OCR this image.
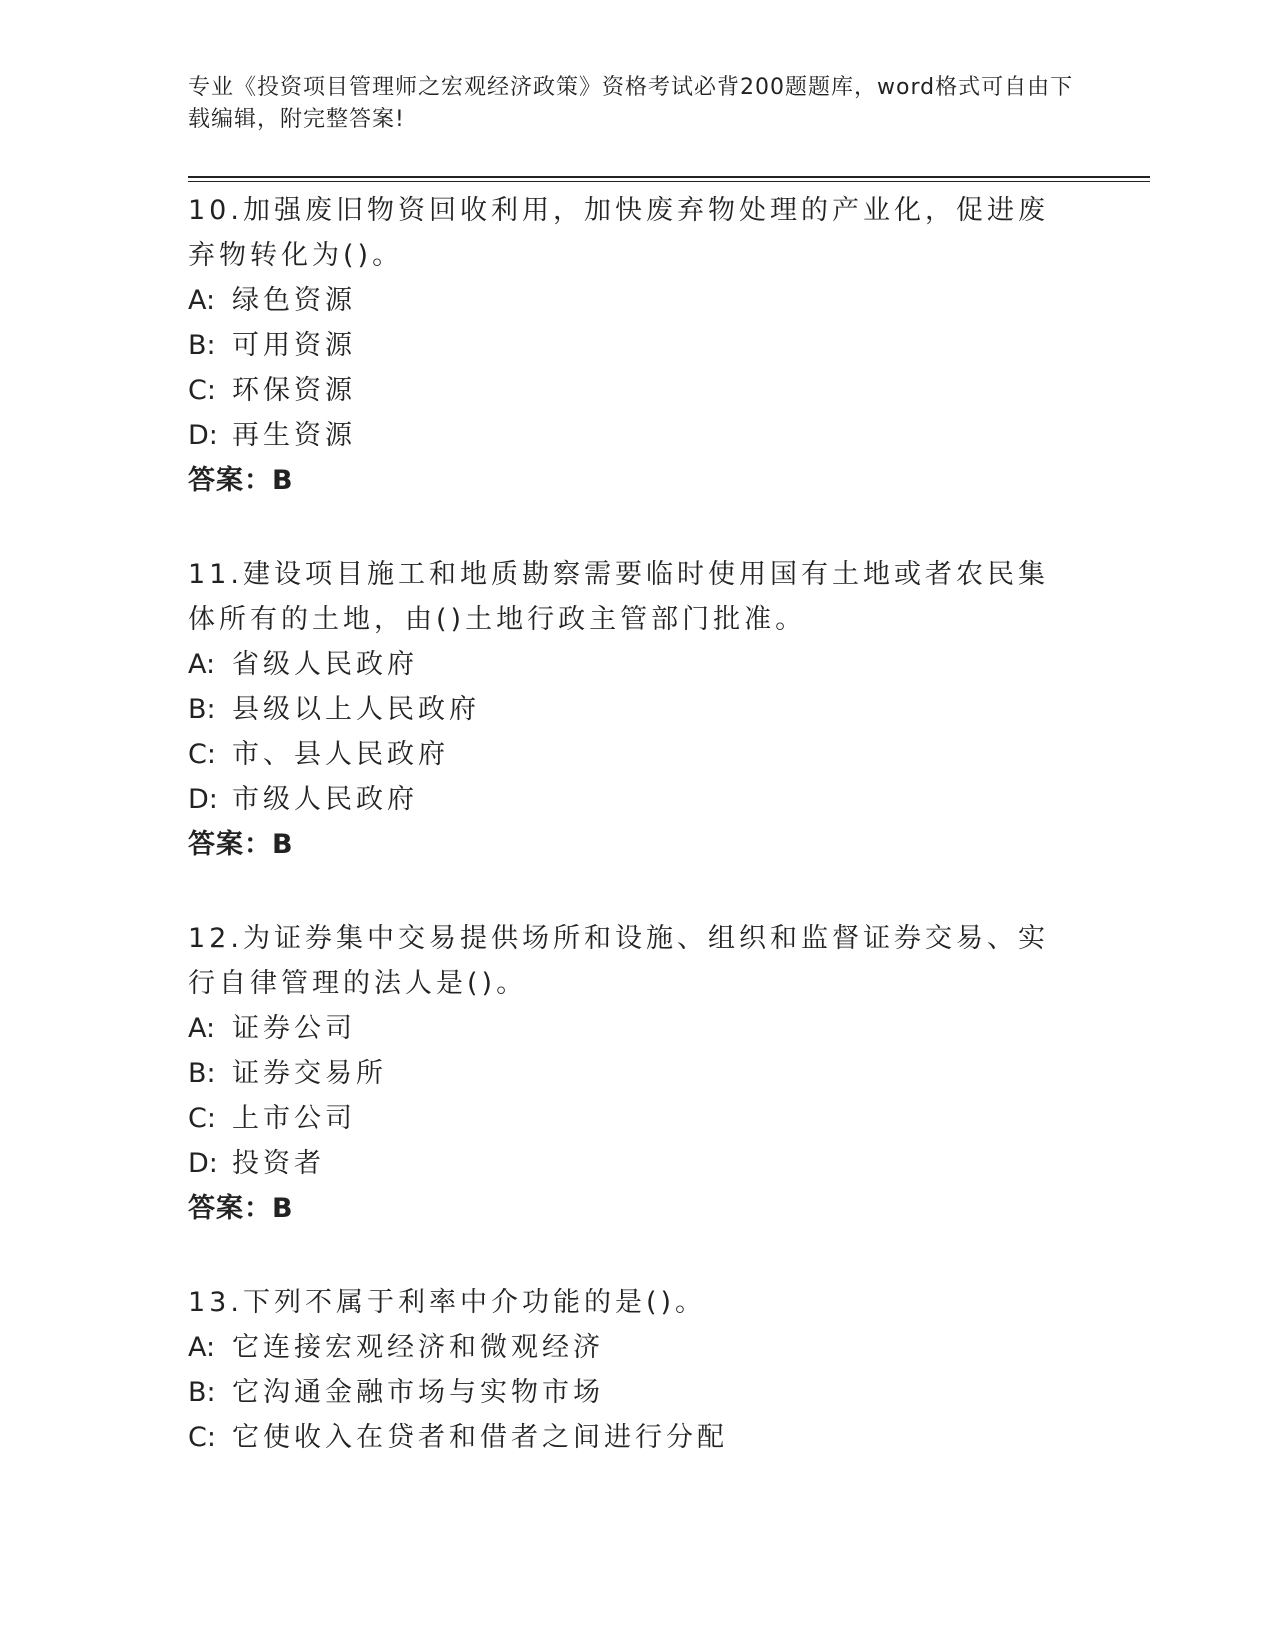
专业《投资项目管理师之宏观经济政策》资格考试必背200题题库，word格式可自由下载编辑，附完整答案!
10.加强废旧物资回收利用，加快废弃物处理的产业化，促进废弃物转化为()。
A: 绿色资源
B: 可用资源
C: 环保资源
D: 再生资源
答案：B
11.建设项目施工和地质勘察需要临时使用国有土地或者农民集体所有的土地，由()土地行政主管部门批准。
A: 省级人民政府
B: 县级以上人民政府
C: 市、县人民政府
D: 市级人民政府
答案：B
12.为证券集中交易提供场所和设施、组织和监督证券交易、实行自律管理的法人是()。
A: 证券公司
B: 证券交易所
C: 上市公司
D: 投资者
答案：B
13.下列不属于利率中介功能的是()。
A: 它连接宏观经济和微观经济
B: 它沟通金融市场与实物市场
C: 它使收入在贷者和借者之间进行分配
